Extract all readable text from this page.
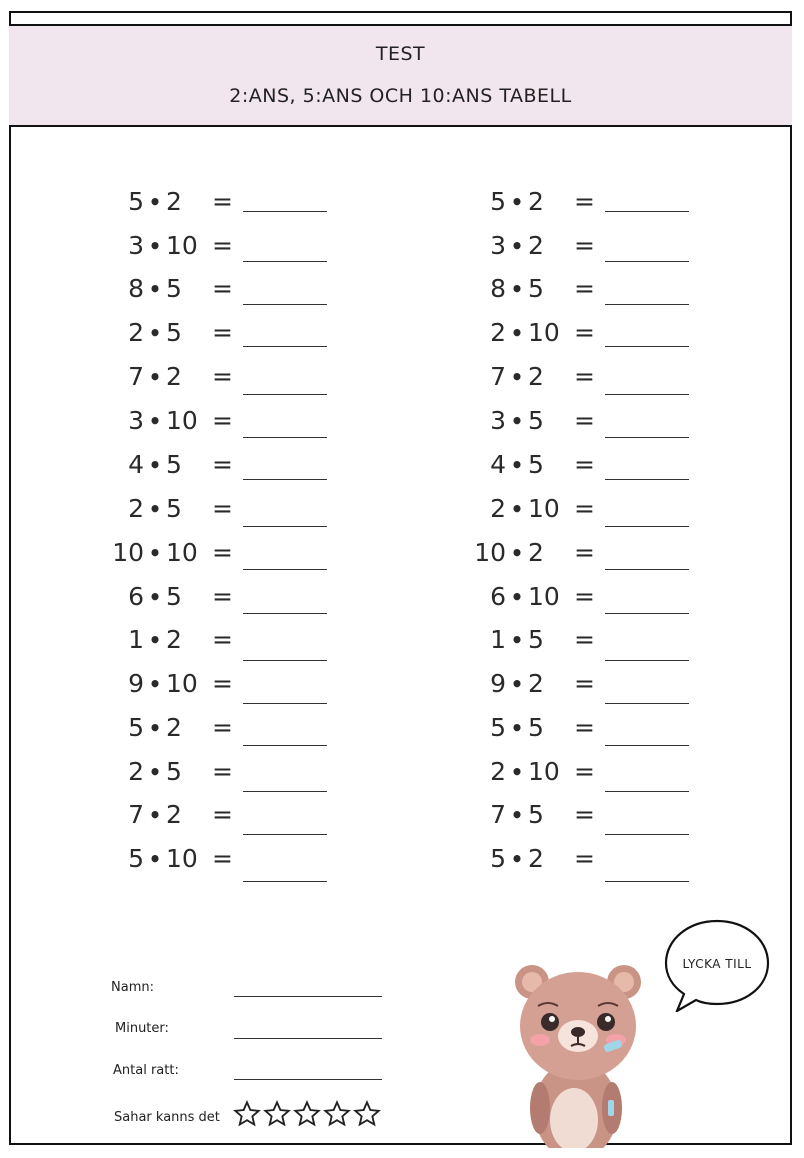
TEST
2:ANS, 5:ANS OCH 10:ANS TABELL
5 • 2	=
3 • 10 =
8 • 5	=
2 • 5	=
7 • 2	=
3 • 10 =
4 • 5	=
2 • 5	=
10 • 10 =
6 • 5	=
1 • 2	=
9 • 10 =
5 • 2	=
2 • 5	=
7 • 2	=
5 • 10 =
5 • 2	=
3 • 2	=
8 • 5	=
2 • 10 =
7 • 2	=
3 • 5	=
4 • 5	=
2 • 10 =
10 • 2	=
6 • 10 =
1 • 5	=
9 • 2	=
5 • 5	=
2 • 10 =
7 • 5	=
5 • 2	=
Namn:
Minuter:
Antal ratt:
Sahar kanns det
LYCKA TILL
